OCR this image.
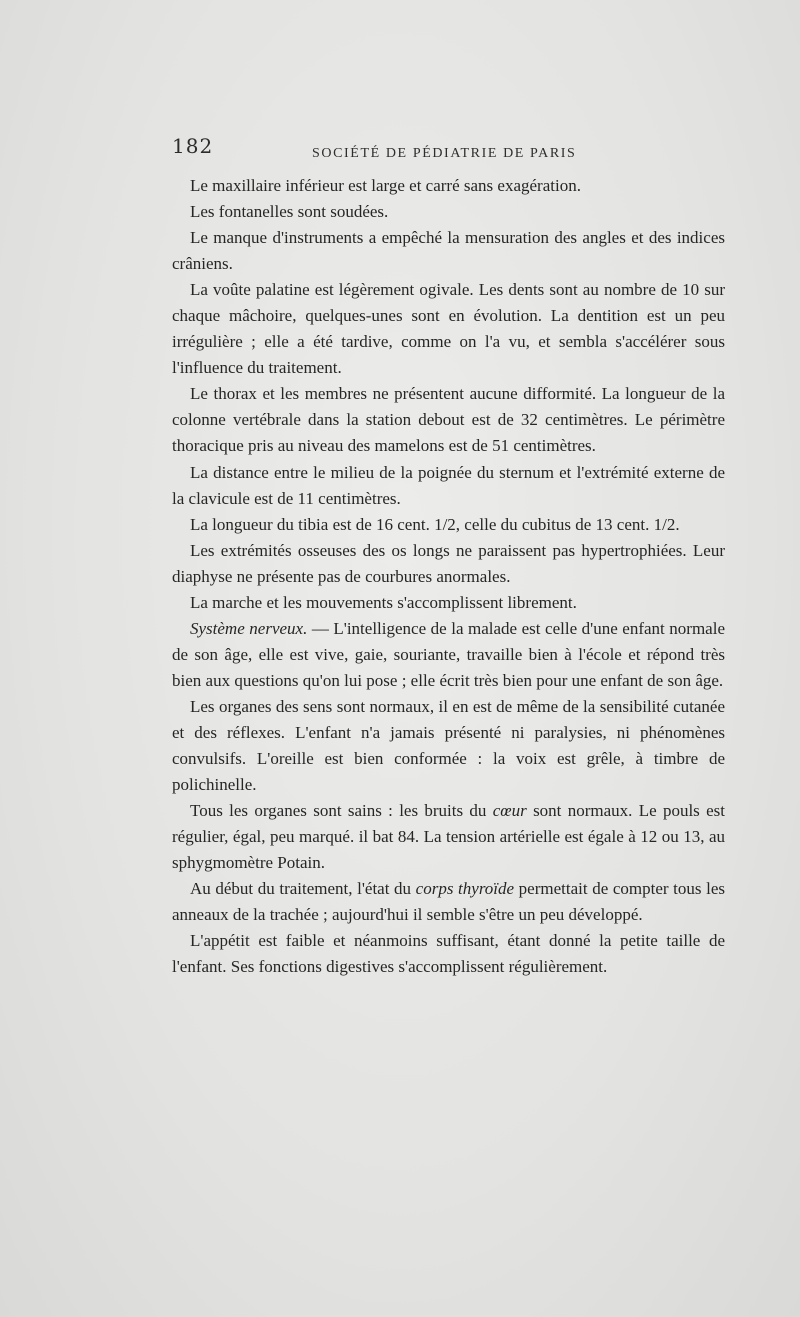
182	SOCIÉTÉ DE PÉDIATRIE DE PARIS

Le maxillaire inférieur est large et carré sans exagération.

Les fontanelles sont soudées.

Le manque d'instruments a empêché la mensuration des angles et des indices crâniens.

La voûte palatine est légèrement ogivale. Les dents sont au nombre de 10 sur chaque mâchoire, quelques-unes sont en évolution. La dentition est un peu irrégulière ; elle a été tardive, comme on l'a vu, et sembla s'accélérer sous l'influence du traitement.

Le thorax et les membres ne présentent aucune difformité. La longueur de la colonne vertébrale dans la station debout est de 32 centimètres. Le périmètre thoracique pris au niveau des mamelons est de 51 centimètres.

La distance entre le milieu de la poignée du sternum et l'extrémité externe de la clavicule est de 11 centimètres.

La longueur du tibia est de 16 cent. 1/2, celle du cubitus de 13 cent. 1/2.

Les extrémités osseuses des os longs ne paraissent pas hypertrophiées. Leur diaphyse ne présente pas de courbures anormales.

La marche et les mouvements s'accomplissent librement.

Système nerveux. — L'intelligence de la malade est celle d'une enfant normale de son âge, elle est vive, gaie, souriante, travaille bien à l'école et répond très bien aux questions qu'on lui pose ; elle écrit très bien pour une enfant de son âge.

Les organes des sens sont normaux, il en est de même de la sensibilité cutanée et des réflexes. L'enfant n'a jamais présenté ni paralysies, ni phénomènes convulsifs. L'oreille est bien conformée : la voix est grêle, à timbre de polichinelle.

Tous les organes sont sains : les bruits du cœur sont normaux. Le pouls est régulier, égal, peu marqué. il bat 84. La tension artérielle est égale à 12 ou 13, au sphygmomètre Potain.

Au début du traitement, l'état du corps thyroïde permettait de compter tous les anneaux de la trachée ; aujourd'hui il semble s'être un peu développé.

L'appétit est faible et néanmoins suffisant, étant donné la petite taille de l'enfant. Ses fonctions digestives s'accomplissent régulièrement.
